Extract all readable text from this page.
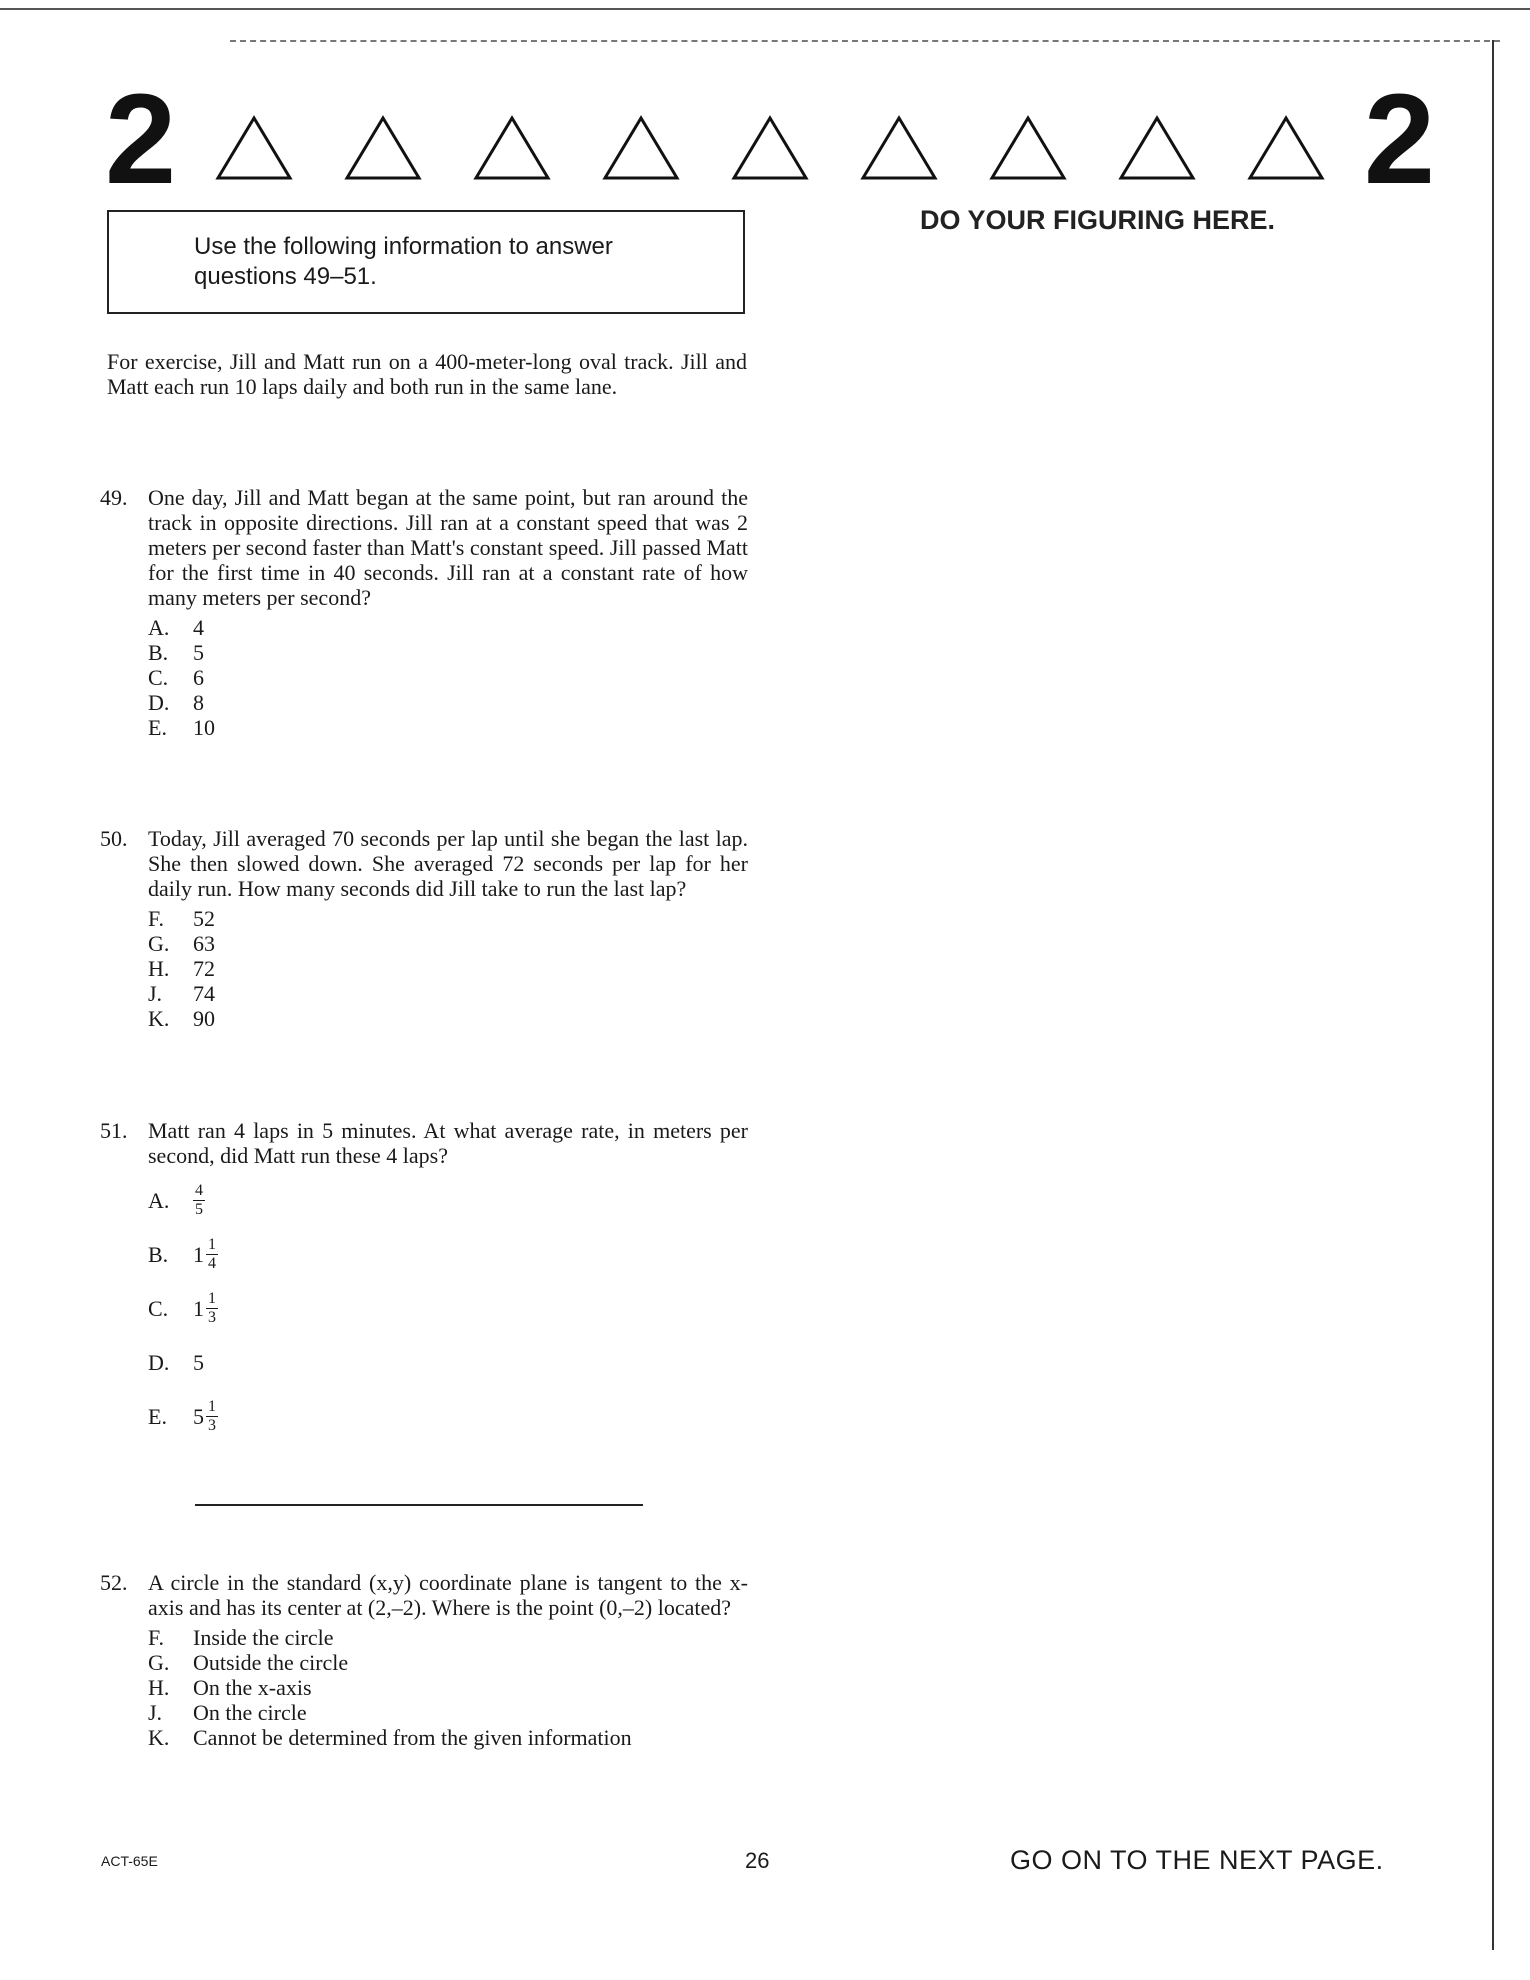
2	2
Use the following information to answer questions 49–51.
DO YOUR FIGURING HERE.
For exercise, Jill and Matt run on a 400-meter-long oval track. Jill and Matt each run 10 laps daily and both run in the same lane.
49. One day, Jill and Matt began at the same point, but ran around the track in opposite directions. Jill ran at a constant speed that was 2 meters per second faster than Matt's constant speed. Jill passed Matt for the first time in 40 seconds. Jill ran at a constant rate of how many meters per second?
A.	4
B.	5
C.	6
D.	8
E.	10
50. Today, Jill averaged 70 seconds per lap until she began the last lap. She then slowed down. She averaged 72 seconds per lap for her daily run. How many seconds did Jill take to run the last lap?
F.	52
G.	63
H.	72
J.	74
K.	90
51. Matt ran 4 laps in 5 minutes. At what average rate, in meters per second, did Matt run these 4 laps?
A.	$\frac{4}{5}$
B.	$1 \frac{1}{4}$
C.	$1 \frac{1}{3}$
D.	5
E.	$5 \frac{1}{3}$
52. A circle in the standard (x,y) coordinate plane is tangent to the x-axis and has its center at (2,–2). Where is the point (0,–2) located?
F.	Inside the circle
G.	Outside the circle
H.	On the x-axis
J.	On the circle
K.	Cannot be determined from the given information
ACT-65E	26	GO ON TO THE NEXT PAGE.
